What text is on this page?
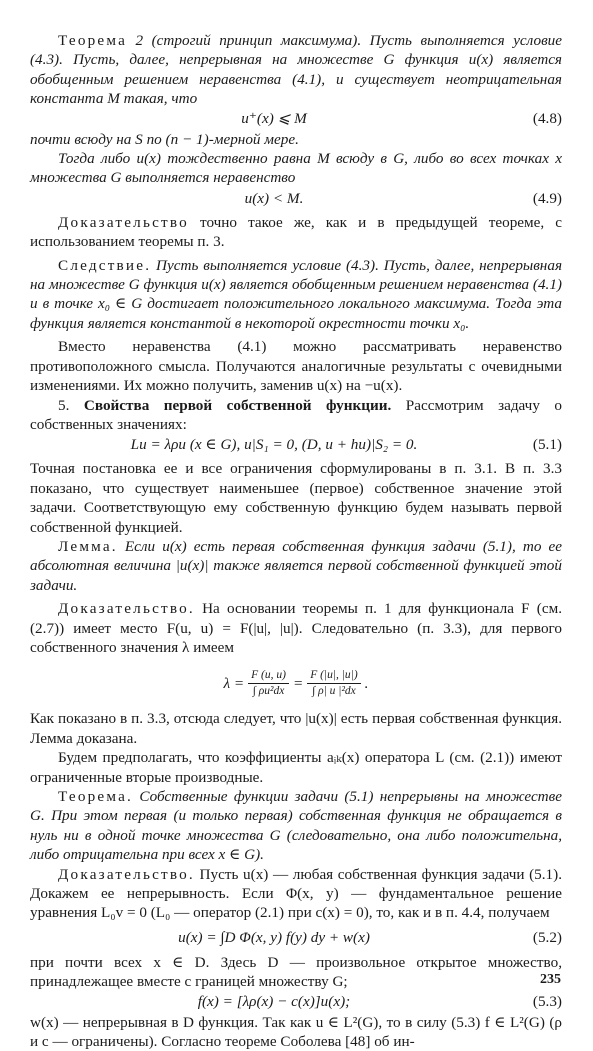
Теорема 2 (строгий принцип максимума). Пусть выполняется условие (4.3). Пусть, далее, непрерывная на множестве G функция u(x) является обобщенным решением неравенства (4.1), и существует неотрицательная константа M такая, что

u⁺(x) ⩽ M	(4.8)

почти всюду на S по (n − 1)-мерной мере.

Тогда либо u(x) тождественно равна M всюду в G, либо во всех точках x множества G выполняется неравенство

u(x) < M.	(4.9)

Доказательство точно такое же, как и в предыдущей теореме, с использованием теоремы п. 3.

Следствие. Пусть выполняется условие (4.3). Пусть, далее, непрерывная на множестве G функция u(x) является обобщенным решением неравенства (4.1) и в точке x₀ ∈ G достигает положительного локального максимума. Тогда эта функция является константой в некоторой окрестности точки x₀.

Вместо неравенства (4.1) можно рассматривать неравенство противоположного смысла. Получаются аналогичные результаты с очевидными изменениями. Их можно получить, заменив u(x) на −u(x).

5. Свойства первой собственной функции. Рассмотрим задачу о собственных значениях:

Lu = λρu (x ∈ G), u|S₁ = 0, (D, u + hu)|S₂ = 0.	(5.1)

Точная постановка ее и все ограничения сформулированы в п. 3.1. В п. 3.3 показано, что существует наименьшее (первое) собственное значение этой задачи. Соответствующую ему собственную функцию будем называть первой собственной функцией.

Лемма. Если u(x) есть первая собственная функция задачи (5.1), то ее абсолютная величина |u(x)| также является первой собственной функцией этой задачи.

Доказательство. На основании теоремы п. 1 для функционала F (см. (2.7)) имеет место F(u, u) = F(|u|, |u|). Следовательно (п. 3.3), для первого собственного значения λ имеем

$\lambda = \frac{F (u, u)}{\text{∫ ρu²dx}} = \frac{F (|u|, |u|)}{\text{∫ ρ| u |²dx}}$ .

Как показано в п. 3.3, отсюда следует, что |u(x)| есть первая собственная функция. Лемма доказана.

Будем предполагать, что коэффициенты aᵢₖ(x) оператора L (см. (2.1)) имеют ограниченные вторые производные.

Теорема. Собственные функции задачи (5.1) непрерывны на множестве G. При этом первая (и только первая) собственная функция не обращается в нуль ни в одной точке множества G (следовательно, она либо положительна, либо отрицательна при всех x ∈ G).

Доказательство. Пусть u(x) — любая собственная функция задачи (5.1). Докажем ее непрерывность. Если Φ(x, y) — фундаментальное решение уравнения L₀v = 0 (L₀ — оператор (2.1) при c(x) = 0), то, как и в п. 4.4, получаем

u(x) = ∫D Φ(x, y) f(y) dy + w(x)	(5.2)

при почти всех x ∈ D. Здесь D — произвольное открытое множество, принадлежащее вместе с границей множеству G;

f(x) = [λρ(x) − c(x)]u(x);	(5.3)

w(x) — непрерывная в D функция. Так как u ∈ L²(G), то в силу (5.3) f ∈ L²(G) (ρ и c — ограничены). Согласно теореме Соболева [48] об ин-

235
